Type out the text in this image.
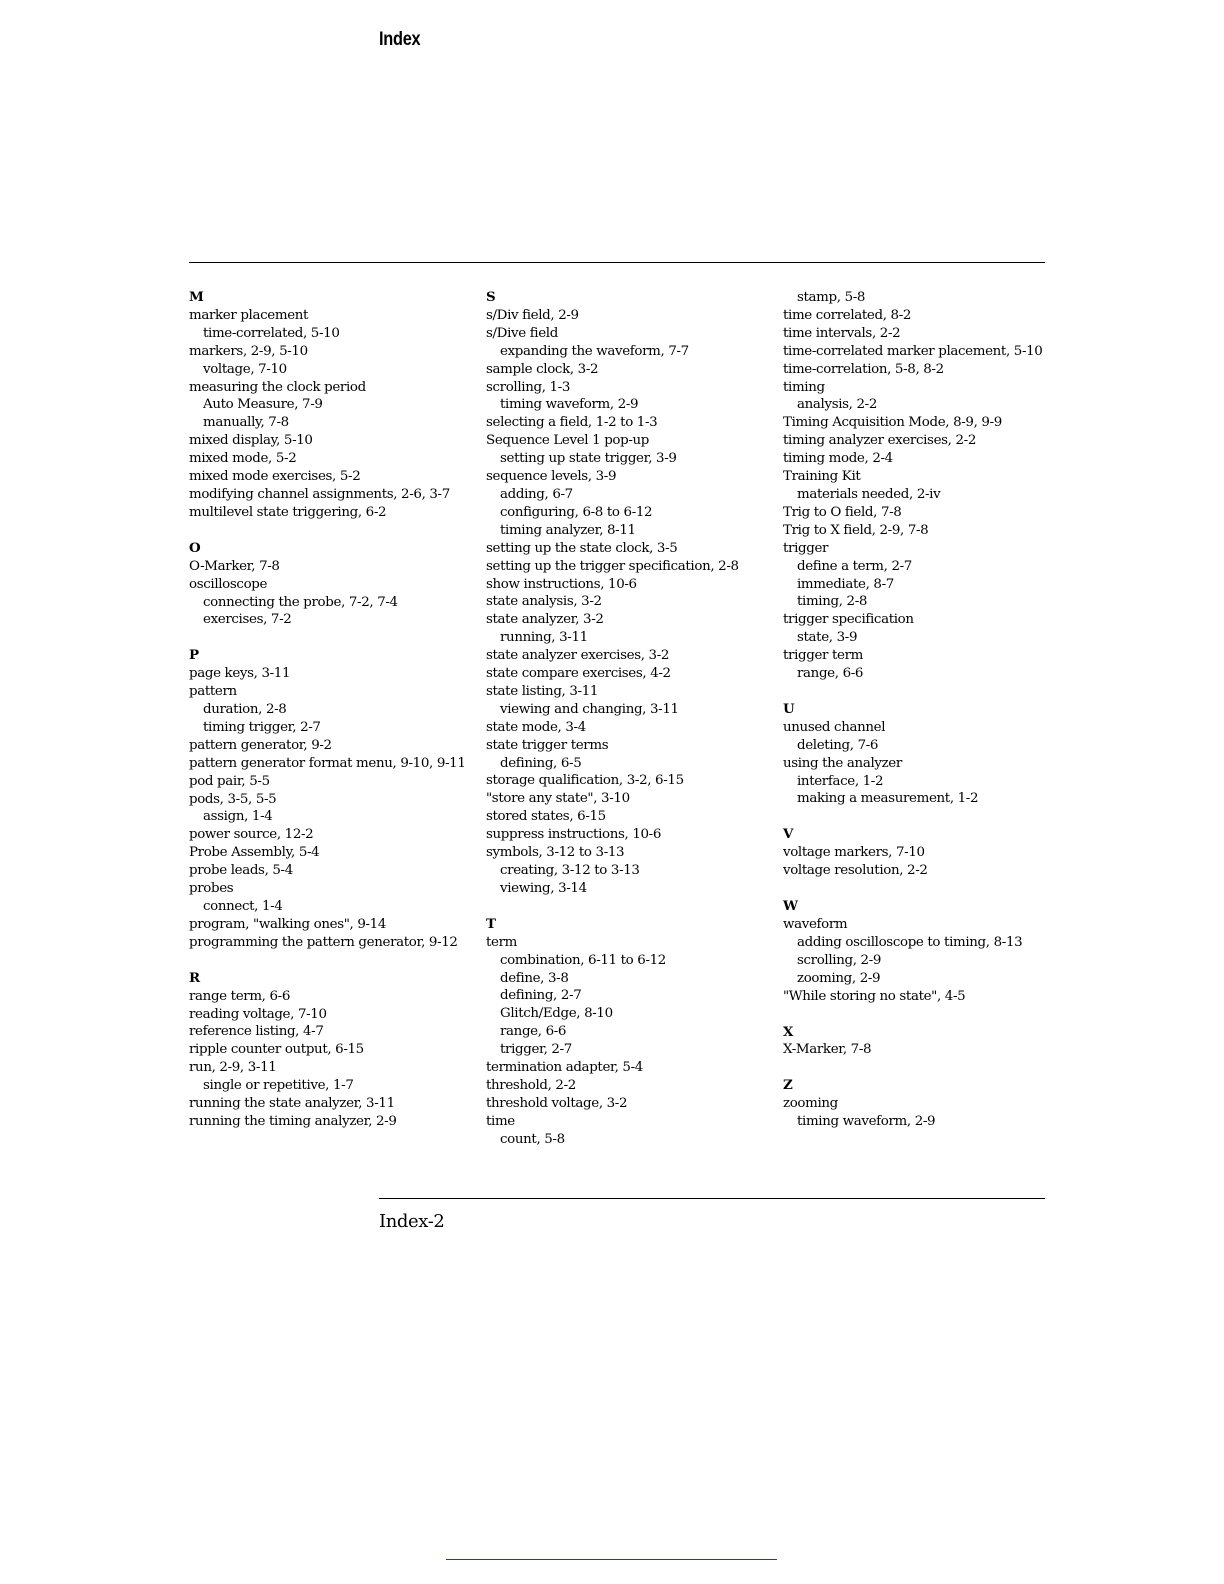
Index
M
marker placement
time-correlated, 5-10
markers, 2-9, 5-10
voltage, 7-10
measuring the clock period
Auto Measure, 7-9
manually, 7-8
mixed display, 5-10
mixed mode, 5-2
mixed mode exercises, 5-2
modifying channel assignments, 2-6, 3-7
multilevel state triggering, 6-2
O
O-Marker, 7-8
oscilloscope
connecting the probe, 7-2, 7-4
exercises, 7-2
P
page keys, 3-11
pattern
duration, 2-8
timing trigger, 2-7
pattern generator, 9-2
pattern generator format menu, 9-10, 9-11
pod pair, 5-5
pods, 3-5, 5-5
assign, 1-4
power source, 12-2
Probe Assembly, 5-4
probe leads, 5-4
probes
connect, 1-4
program, "walking ones", 9-14
programming the pattern generator, 9-12
R
range term, 6-6
reading voltage, 7-10
reference listing, 4-7
ripple counter output, 6-15
run, 2-9, 3-11
single or repetitive, 1-7
running the state analyzer, 3-11
running the timing analyzer, 2-9
S
s/Div field, 2-9
s/Dive field
expanding the waveform, 7-7
sample clock, 3-2
scrolling, 1-3
timing waveform, 2-9
selecting a field, 1-2 to 1-3
Sequence Level 1 pop-up
setting up state trigger, 3-9
sequence levels, 3-9
adding, 6-7
configuring, 6-8 to 6-12
timing analyzer, 8-11
setting up the state clock, 3-5
setting up the trigger specification, 2-8
show instructions, 10-6
state analysis, 3-2
state analyzer, 3-2
running, 3-11
state analyzer exercises, 3-2
state compare exercises, 4-2
state listing, 3-11
viewing and changing, 3-11
state mode, 3-4
state trigger terms
defining, 6-5
storage qualification, 3-2, 6-15
"store any state", 3-10
stored states, 6-15
suppress instructions, 10-6
symbols, 3-12 to 3-13
creating, 3-12 to 3-13
viewing, 3-14
T
term
combination, 6-11 to 6-12
define, 3-8
defining, 2-7
Glitch/Edge, 8-10
range, 6-6
trigger, 2-7
termination adapter, 5-4
threshold, 2-2
threshold voltage, 3-2
time
count, 5-8
stamp, 5-8
time correlated, 8-2
time intervals, 2-2
time-correlated marker placement, 5-10
time-correlation, 5-8, 8-2
timing
analysis, 2-2
Timing Acquisition Mode, 8-9, 9-9
timing analyzer exercises, 2-2
timing mode, 2-4
Training Kit
materials needed, 2-iv
Trig to O field, 7-8
Trig to X field, 2-9, 7-8
trigger
define a term, 2-7
immediate, 8-7
timing, 2-8
trigger specification
state, 3-9
trigger term
range, 6-6
U
unused channel
deleting, 7-6
using the analyzer
interface, 1-2
making a measurement, 1-2
V
voltage markers, 7-10
voltage resolution, 2-2
W
waveform
adding oscilloscope to timing, 8-13
scrolling, 2-9
zooming, 2-9
"While storing no state", 4-5
X
X-Marker, 7-8
Z
zooming
timing waveform, 2-9
Index-2
